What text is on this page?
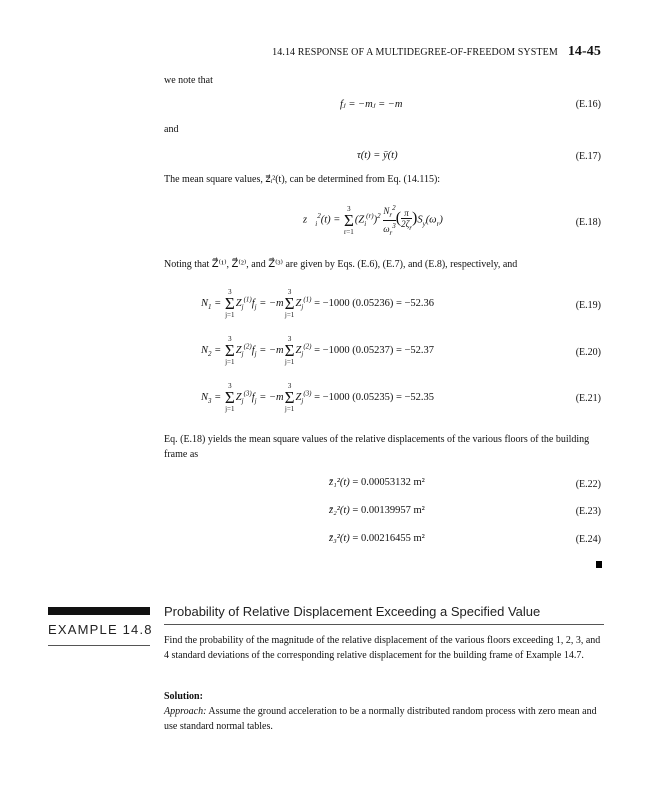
14.14 RESPONSE OF A MULTIDEGREE-OF-FREEDOM SYSTEM 14-45
we note that
fⱼ = −mⱼ = −m	(E.16)
and
τ(t) = ÿ(t)	(E.17)
The mean square values, z⃗ᵢ²(t), can be determined from Eq. (14.115):
$z⃗_i^2(t)$ =
3
Σ
r=1
$(Z_i^{(r)})^2 \frac{N_r^2}{\omega_r^3}$ ( $\frac{\pi}{2\zeta_r} )S_y(\omega_r)$	(E.18)
Noting that Z⃗⁽¹⁾, Z⃗⁽²⁾, and Z⃗⁽³⁾ are given by Eqs. (E.6), (E.7), and (E.8), respectively, and
$N_1$ =
3
Σ
j=1
$Z_j^{(1)}f_j = -m$
3
Σ
j=1
$Z_j^{(1)} = -1000$ (0.05236) = −52.36	(E.19)
$N_2$ =
3
Σ
j=1
$Z_j^{(2)}f_j = -m$
3
Σ
j=1
$Z_j^{(2)} = -1000$ (0.05237) = −52.37	(E.20)
$N_3$ =
3
Σ
j=1
$Z_j^{(3)}f_j = -m$
3
Σ
j=1
$Z_j^{(3)} = -1000$ (0.05235) = −52.35	(E.21)
Eq. (E.18) yields the mean square values of the relative displacements of the various floors of the building frame as
z̄₁²(t) = 0.00053132 m²	(E.22)
z̄₂²(t) = 0.00139957 m²	(E.23)
z̄₃²(t) = 0.00216455 m²	(E.24)
Probability of Relative Displacement Exceeding a Specified Value
EXAMPLE 14.8
Find the probability of the magnitude of the relative displacement of the various floors exceeding 1, 2, 3, and 4 standard deviations of the corresponding relative displacement for the building frame of Example 14.7.
Solution:
Approach: Assume the ground acceleration to be a normally distributed random process with zero mean and use standard normal tables.
